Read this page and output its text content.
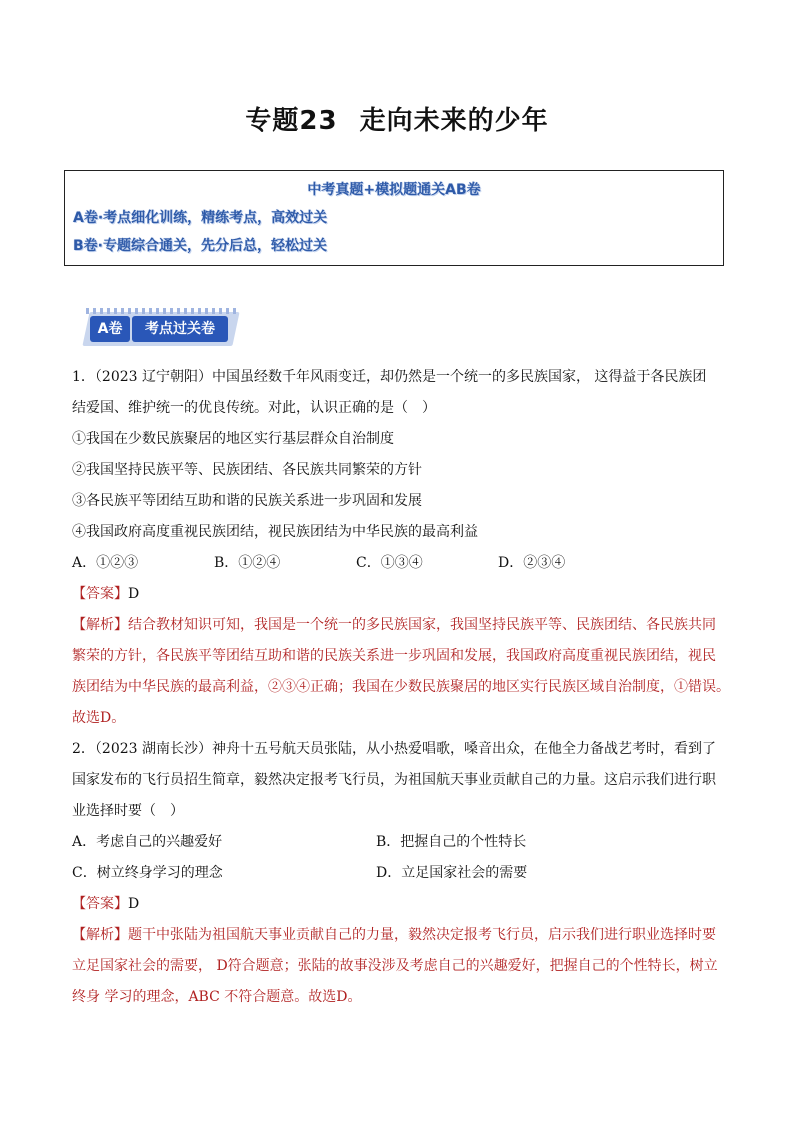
专题23 走向未来的少年
中考真题+模拟题通关AB卷
A卷·考点细化训练，精练考点，高效过关
B卷·专题综合通关，先分后总，轻松过关
A卷	考点过关卷

1．（2023 辽宁朝阳）中国虽经数千年风雨变迁，却仍然是一个统一的多民族国家， 这得益于各民族团

结爱国、维护统一的优良传统。对此，认识正确的是（　）

①我国在少数民族聚居的地区实行基层群众自治制度

②我国坚持民族平等、民族团结、各民族共同繁荣的方针

③各民族平等团结互助和谐的民族关系进一步巩固和发展

④我国政府高度重视民族团结，视民族团结为中华民族的最高利益

A．①②③	B．①②④	C．①③④	D．②③④

【答案】D

【解析】结合教材知识可知，我国是一个统一的多民族国家，我国坚持民族平等、民族团结、各民族共同

繁荣的方针，各民族平等团结互助和谐的民族关系进一步巩固和发展，我国政府高度重视民族团结，视民

族团结为中华民族的最高利益，②③④正确；我国在少数民族聚居的地区实行民族区域自治制度，①错误。

故选D。

2．（2023 湖南长沙）神舟十五号航天员张陆，从小热爱唱歌，嗓音出众，在他全力备战艺考时，看到了

国家发布的飞行员招生简章，毅然决定报考飞行员，为祖国航天事业贡献自己的力量。这启示我们进行职

业选择时要（　）

A．考虑自己的兴趣爱好	B．把握自己的个性特长

C．树立终身学习的理念	D．立足国家社会的需要

【答案】D

【解析】题干中张陆为祖国航天事业贡献自己的力量，毅然决定报考飞行员，启示我们进行职业选择时要

立足国家社会的需要， D符合题意；张陆的故事没涉及考虑自己的兴趣爱好，把握自己的个性特长，树立

终身 学习的理念，ABC 不符合题意。故选D。
